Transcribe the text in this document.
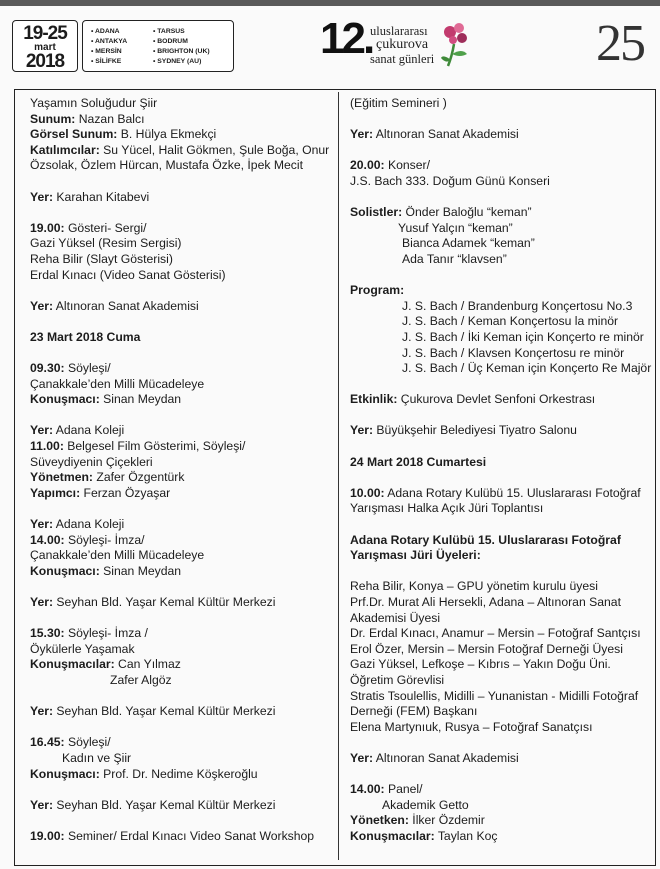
19-25
mart
2018
• ADANA
• ANTAKYA
• MERSİN
• SİLİFKE
• TARSUS
• BODRUM
• BRIGHTON (UK)
• SYDNEY (AU)	12.
uluslararası
çukurova
sanat günleri	25
Yaşamın Soluğudur Şiir
Sunum: Nazan Balcı
Görsel Sunum: B. Hülya Ekmekçi
Katılımcılar: Su Yücel, Halit Gökmen, Şule Boğa, Onur
Özsolak, Özlem Hürcan, Mustafa Özke, İpek Mecit
Yer: Karahan Kitabevi
19.00: Gösteri- Sergi/
Gazi Yüksel (Resim Sergisi)
Reha Bilir (Slayt Gösterisi)
Erdal Kınacı (Video Sanat Gösterisi)
Yer: Altınoran Sanat Akademisi
23 Mart 2018 Cuma
09.30: Söyleşi/
Çanakkale’den Milli Mücadeleye
Konuşmacı: Sinan Meydan
Yer: Adana Koleji
11.00: Belgesel Film Gösterimi, Söyleşi/
Süveydiyenin Çiçekleri
Yönetmen: Zafer Özgentürk
Yapımcı: Ferzan Özyaşar
Yer: Adana Koleji
14.00: Söyleşi- İmza/
Çanakkale’den Milli Mücadeleye
Konuşmacı: Sinan Meydan
Yer: Seyhan Bld. Yaşar Kemal Kültür Merkezi
15.30: Söyleşi- İmza /
Öykülerle Yaşamak
Konuşmacılar: Can Yılmaz
Zafer Algöz
Yer: Seyhan Bld. Yaşar Kemal Kültür Merkezi
16.45: Söyleşi/
Kadın ve Şiir
Konuşmacı: Prof. Dr. Nedime Köşkeroğlu
Yer: Seyhan Bld. Yaşar Kemal Kültür Merkezi
19.00: Seminer/ Erdal Kınacı Video Sanat Workshop
(Eğitim Semineri )
Yer: Altınoran Sanat Akademisi
20.00: Konser/
J.S. Bach 333. Doğum Günü Konseri
Solistler: Önder Baloğlu “keman”
Yusuf Yalçın “keman”
Bianca Adamek “keman”
Ada Tanır “klavsen”
Program:
J. S. Bach / Brandenburg Konçertosu No.3
J. S. Bach / Keman Konçertosu la minör
J. S. Bach / İki Keman için Konçerto re minör
J. S. Bach / Klavsen Konçertosu re minör
J. S. Bach / Üç Keman için Konçerto Re Majör
Etkinlik: Çukurova Devlet Senfoni Orkestrası
Yer: Büyükşehir Belediyesi Tiyatro Salonu
24 Mart 2018 Cumartesi
10.00: Adana Rotary Kulübü 15. Uluslararası Fotoğraf
Yarışması Halka Açık Jüri Toplantısı
Adana Rotary Kulübü 15. Uluslararası Fotoğraf
Yarışması Jüri Üyeleri:
Reha Bilir, Konya – GPU yönetim kurulu üyesi
Prf.Dr. Murat Ali Hersekli, Adana – Altınoran Sanat
Akademisi Üyesi
Dr. Erdal Kınacı, Anamur – Mersin – Fotoğraf Santçısı
Erol Özer, Mersin – Mersin Fotoğraf Derneği Üyesi
Gazi Yüksel, Lefkoşe – Kıbrıs – Yakın Doğu Üni.
Öğretim Görevlisi
Stratis Tsoulellis, Midilli – Yunanistan - Midilli Fotoğraf
Derneği (FEM) Başkanı
Elena Martynıuk, Rusya – Fotoğraf Sanatçısı
Yer: Altınoran Sanat Akademisi
14.00: Panel/
Akademik Getto
Yönetken: İlker Özdemir
Konuşmacılar: Taylan Koç
